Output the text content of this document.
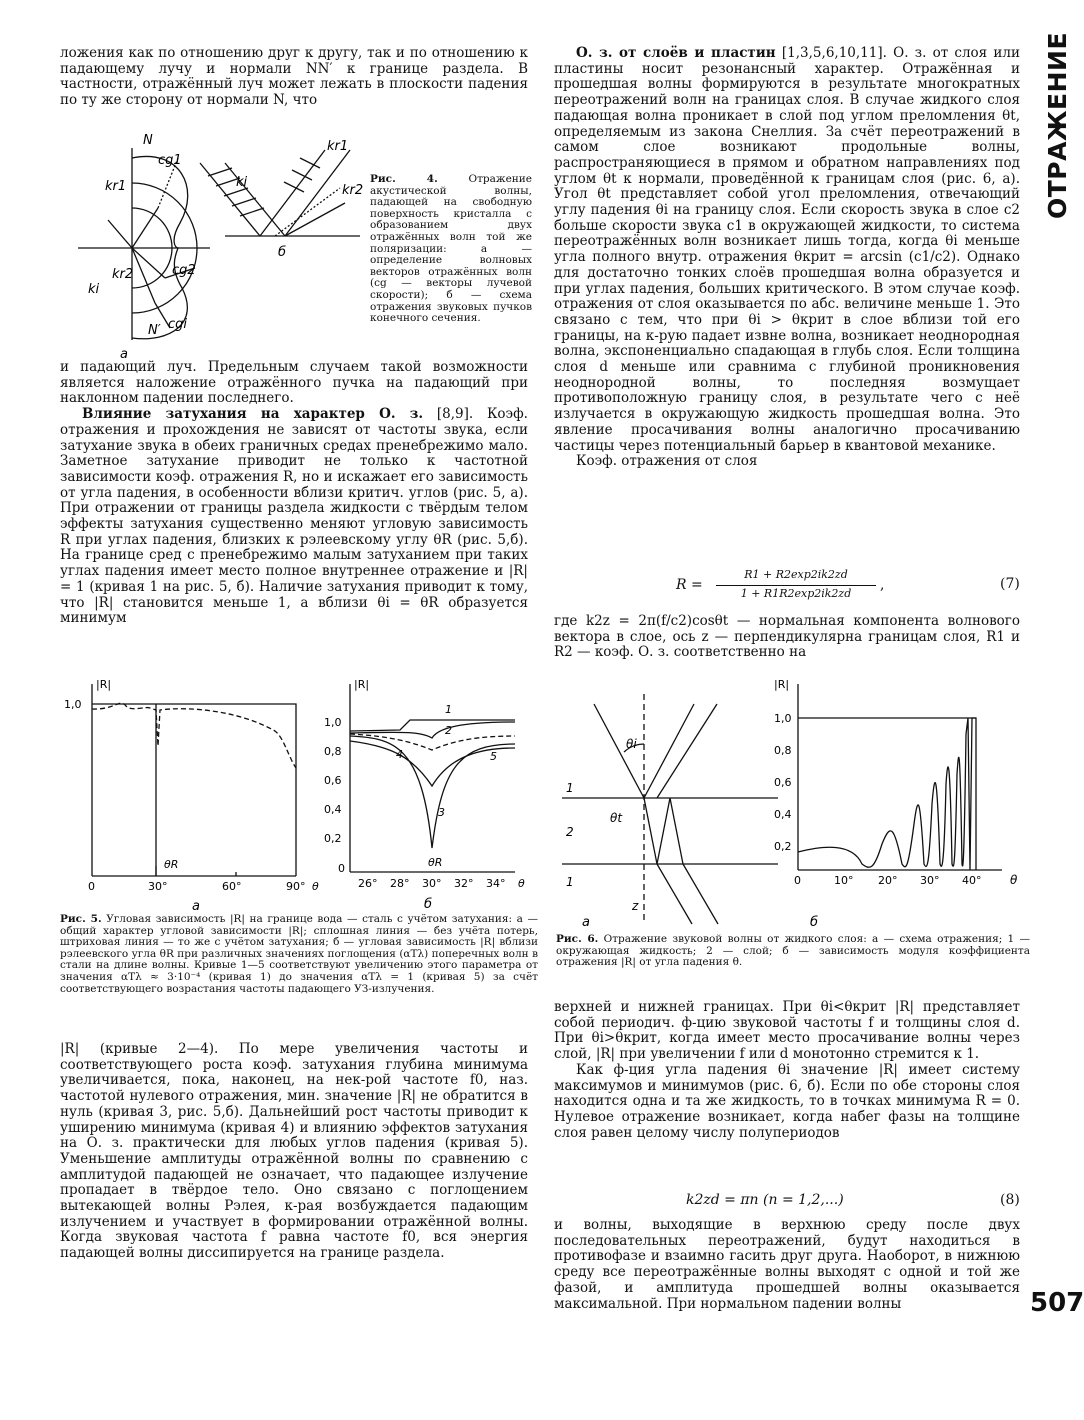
ОТРАЖЕНИЕ
507

ложения как по отношению друг к другу, так и по отношению к падающему лучу и нормали NN′ к границе раздела. В частности, отражённый луч может лежать в плоскости падения по ту же сторону от нормали N, что

N
cg1
kr1
cg2
kr2
ki
N′ cgi
а
ki
kr1
kr2
б
Рис. 4.	Отражение акустической волны, падающей на свободную поверхность кристалла с образованием двух отражённых волн той же поляризации: а — определение волновых векторов отражённых волн (cg — векторы лучевой скорости); б — схема отражения звуковых пучков конечного сечения.

и падающий луч. Предельным случаем такой возможности является наложение отражённого пучка на падающий при наклонном падении последнего.

Влияние затухания на характер О. з. [8,9]. Коэф. отражения и прохождения не зависят от частоты звука, если затухание звука в обеих граничных средах пренебрежимо мало. Заметное затухание приводит не только к частотной зависимости коэф. отражения R, но и искажает его зависимость от угла падения, в особенности вблизи критич. углов (рис. 5, а). При отражении от границы раздела жидкости с твёрдым телом эффекты затухания существенно меняют угловую зависимость R при углах падения, близких к рэлеевскому углу θR (рис. 5,б). На границе сред с пренебрежимо малым затуханием при таких углах падения имеет место полное внутреннее отражение и |R| = 1 (кривая 1 на рис. 5, б). Наличие затухания приводит к тому, что |R| становится меньше 1, а вблизи θi = θR образуется минимум

|R|
1,0
θR
0	30°	60°	90° θ
а
|R|
1,0
0,8
0,6
0,4
0,2
0	θR
1
2
3
4	5
26° 28° 30° 32° 34° θ
б
Рис. 5. Угловая зависимость |R| на границе вода — сталь с учётом затухания: а — общий характер угловой зависимости |R|; сплошная линия — без учёта потерь, штриховая линия — то же с учётом затухания; б — угловая зависимость |R| вблизи рэлеевского угла θR при различных значениях поглощения (αTλ) поперечных волн в стали на длине волны. Кривые 1—5 соответствуют увеличению этого параметра от значения αTλ ≈ 3·10⁻⁴ (кривая 1) до значения αTλ = 1 (кривая 5) за счёт соответствующего возрастания частоты падающего УЗ-излучения.

|R| (кривые 2—4). По мере увеличения частоты и соответствующего роста коэф. затухания глубина минимума увеличивается, пока, наконец, на нек-рой частоте f0, наз. частотой нулевого отражения, мин. значение |R| не обратится в нуль (кривая 3, рис. 5,б). Дальнейший рост частоты приводит к уширению минимума (кривая 4) и влиянию эффектов затухания на О. з. практически для любых углов падения (кривая 5). Уменьшение амплитуды отражённой волны по сравнению с амплитудой падающей не означает, что падающее излучение пропадает в твёрдое тело. Оно связано с поглощением вытекающей волны Рэлея, к-рая возбуждается падающим излучением и участвует в формировании отражённой волны. Когда звуковая частота f равна частоте f0, вся энергия падающей волны диссипируется на границе раздела.

О. з. от слоёв и пластин [1,3,5,6,10,11]. О. з. от слоя или пластины носит резонансный характер. Отражённая и прошедшая волны формируются в результате многократных переотражений волн на границах слоя. В случае жидкого слоя падающая волна проникает в слой под углом преломления θt, определяемым из закона Снеллия. За счёт переотражений в самом слое возникают продольные волны, распространяющиеся в прямом и обратном направлениях под углом θt к нормали, проведённой к границам слоя (рис. 6, а). Угол θt представляет собой угол преломления, отвечающий углу падения θi на границу слоя. Если скорость звука в слое c2 больше скорости звука c1 в окружающей жидкости, то система переотражённых волн возникает лишь тогда, когда θi меньше угла полного внутр. отражения θкрит = arcsin (c1/c2). Однако для достаточно тонких слоёв прошедшая волна образуется и при углах падения, больших критического. В этом случае коэф. отражения от слоя оказывается по абс. величине меньше 1. Это связано с тем, что при θi > θкрит в слое вблизи той его границы, на к-рую падает извне волна, возникает неоднородная волна, экспоненциально спадающая в глубь слоя. Если толщина слоя d меньше или сравнима с глубиной проникновения неоднородной волны, то последняя возмущает противоположную границу слоя, в результате чего с неё излучается в окружающую жидкость прошедшая волна. Это явление просачивания волны аналогично просачиванию частицы через потенциальный барьер в квантовой механике.

Коэф. отражения от слоя

R =
R1 + R2exp2ik2zd
1 + R1R2exp2ik2zd
,	(7)

где k2z = 2π(f/c2)cosθt — нормальная компонента волнового вектора в слое, ось z — перпендикулярна границам слоя, R1 и R2 — коэф. О. з. соответственно на

θi
θt
1
2
1
z
а
|R|
1,0
0,8
0,6
0,4
0,2
0	10° 20° 30° 40° θ
б
Рис. 6. Отражение звуковой волны от жидкого слоя: а — схема отражения; 1 — окружающая жидкость; 2 — слой; б — зависимость модуля коэффициента отражения |R| от угла падения θ.

верхней и нижней границах. При θi<θкрит |R| представляет собой периодич. ф-цию звуковой частоты f и толщины слоя d. При θi>θкрит, когда имеет место просачивание волны через слой, |R| при увеличении f или d монотонно стремится к 1.

Как ф-ция угла падения θi значение |R| имеет систему максимумов и минимумов (рис. 6, б). Если по обе стороны слоя находится одна и та же жидкость, то в точках минимума R = 0. Нулевое отражение возникает, когда набег фазы на толщине слоя равен целому числу полупериодов

k2zd = πn (n = 1,2,...)	(8)

и волны, выходящие в верхнюю среду после двух последовательных переотражений, будут находиться в противофазе и взаимно гасить друг друга. Наоборот, в нижнюю среду все переотражённые волны выходят с одной и той же фазой, и амплитуда прошедшей волны оказывается максимальной. При нормальном падении волны
